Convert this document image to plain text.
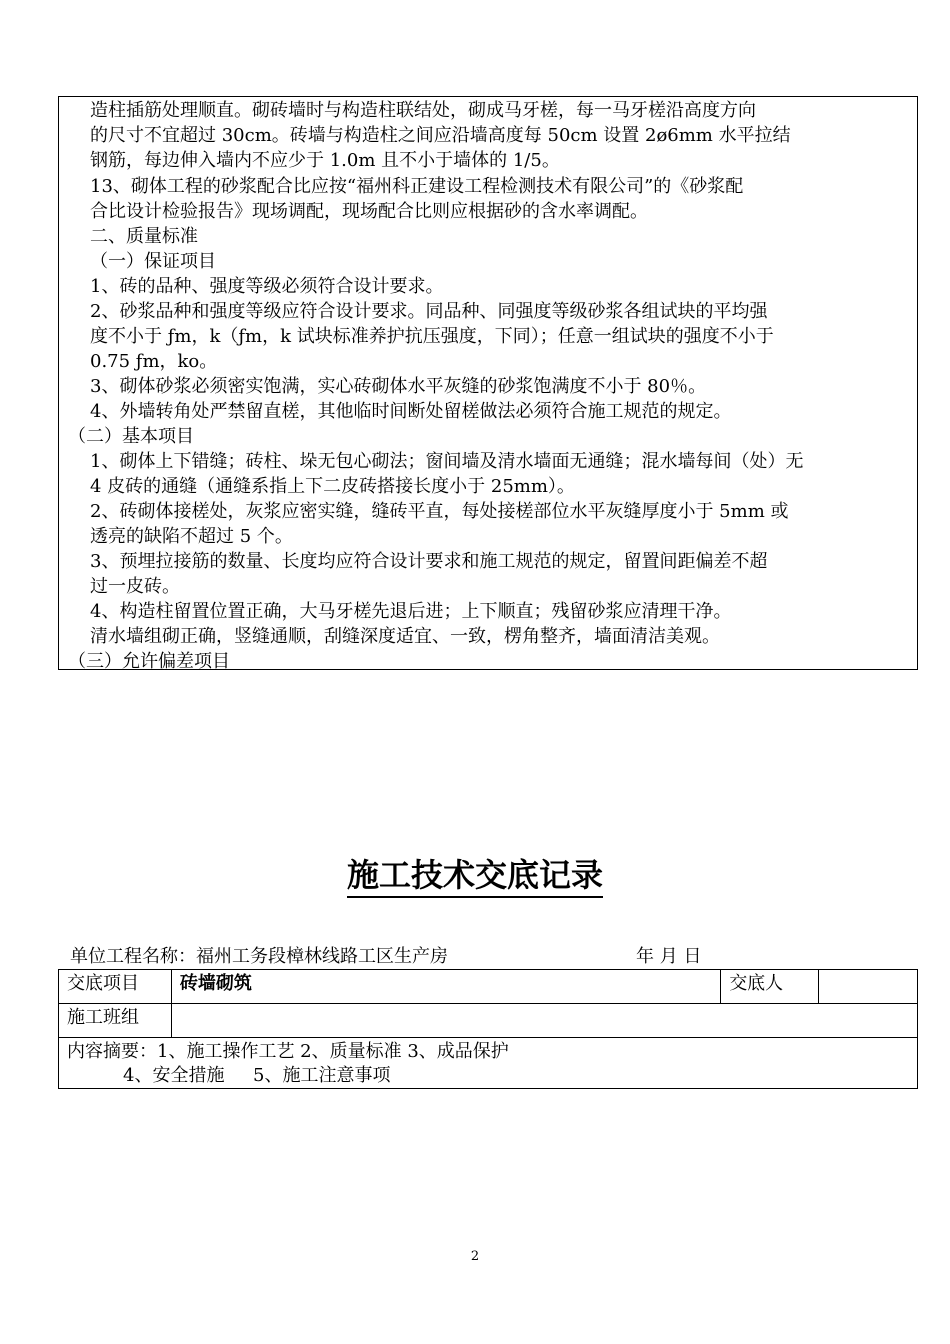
造柱插筋处理顺直。砌砖墙时与构造柱联结处，砌成马牙槎，每一马牙槎沿高度方向
的尺寸不宜超过 30cm。砖墙与构造柱之间应沿墙高度每 50cm 设置 2ø6mm 水平拉结
钢筋，每边伸入墙内不应少于 1.0m 且不小于墙体的 1/5。
13、砌体工程的砂浆配合比应按“福州科正建设工程检测技术有限公司”的《砂浆配
合比设计检验报告》现场调配，现场配合比则应根据砂的含水率调配。
二、质量标准
（一）保证项目
1、砖的品种、强度等级必须符合设计要求。
2、砂浆品种和强度等级应符合设计要求。同品种、同强度等级砂浆各组试块的平均强
度不小于 ƒm，k（ƒm，k 试块标准养护抗压强度，下同）；任意一组试块的强度不小于
0.75 ƒm，ko。
3、砌体砂浆必须密实饱满，实心砖砌体水平灰缝的砂浆饱满度不小于 80％。
4、外墙转角处严禁留直槎，其他临时间断处留槎做法必须符合施工规范的规定。
（二）基本项目
1、砌体上下错缝；砖柱、垛无包心砌法；窗间墙及清水墙面无通缝；混水墙每间（处）无
4 皮砖的通缝（通缝系指上下二皮砖搭接长度小于 25mm）。
2、砖砌体接槎处，灰浆应密实缝，缝砖平直，每处接槎部位水平灰缝厚度小于 5mm 或
透亮的缺陷不超过 5 个。
3、预埋拉接筋的数量、长度均应符合设计要求和施工规范的规定，留置间距偏差不超
过一皮砖。
4、构造柱留置位置正确，大马牙槎先退后进；上下顺直；残留砂浆应清理干净。
清水墙组砌正确，竖缝通顺，刮缝深度适宜、一致，楞角整齐，墙面清洁美观。
（三）允许偏差项目
施工技术交底记录
单位工程名称：福州工务段樟林线路工区生产房	年 月 日
交底项目	砖墙砌筑	交底人	
施工班组			

内容摘要：1、施工操作工艺 2、质量标准 3、成品保护
4、安全措施     5、施工注意事项			
2
